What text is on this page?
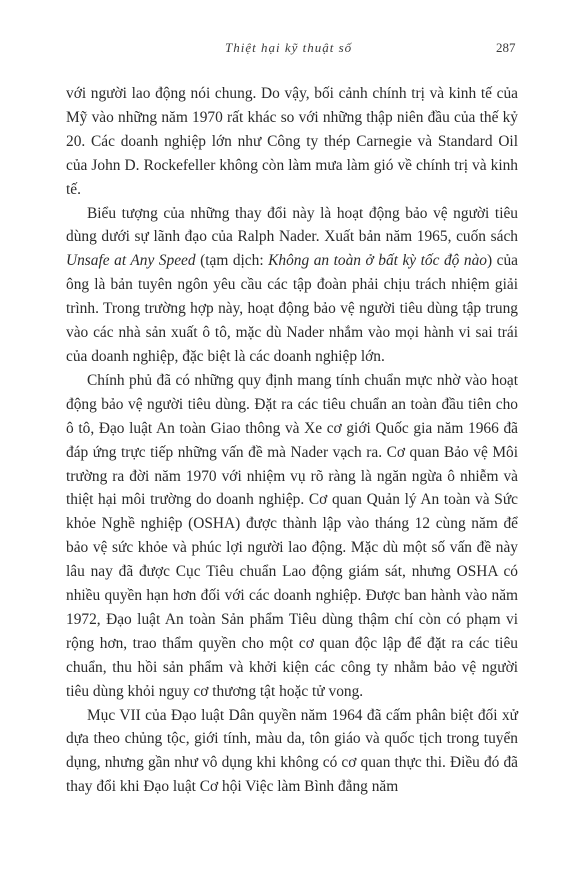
Thiệt hại kỹ thuật số	287

với người lao động nói chung. Do vậy, bối cảnh chính trị và kinh tế của Mỹ vào những năm 1970 rất khác so với những thập niên đầu của thế kỷ 20. Các doanh nghiệp lớn như Công ty thép Carnegie và Standard Oil của John D. Rockefeller không còn làm mưa làm gió về chính trị và kinh tế.

Biểu tượng của những thay đổi này là hoạt động bảo vệ người tiêu dùng dưới sự lãnh đạo của Ralph Nader. Xuất bản năm 1965, cuốn sách Unsafe at Any Speed (tạm dịch: Không an toàn ở bất kỳ tốc độ nào) của ông là bản tuyên ngôn yêu cầu các tập đoàn phải chịu trách nhiệm giải trình. Trong trường hợp này, hoạt động bảo vệ người tiêu dùng tập trung vào các nhà sản xuất ô tô, mặc dù Nader nhắm vào mọi hành vi sai trái của doanh nghiệp, đặc biệt là các doanh nghiệp lớn.

Chính phủ đã có những quy định mang tính chuẩn mực nhờ vào hoạt động bảo vệ người tiêu dùng. Đặt ra các tiêu chuẩn an toàn đầu tiên cho ô tô, Đạo luật An toàn Giao thông và Xe cơ giới Quốc gia năm 1966 đã đáp ứng trực tiếp những vấn đề mà Nader vạch ra. Cơ quan Bảo vệ Môi trường ra đời năm 1970 với nhiệm vụ rõ ràng là ngăn ngừa ô nhiễm và thiệt hại môi trường do doanh nghiệp. Cơ quan Quản lý An toàn và Sức khỏe Nghề nghiệp (OSHA) được thành lập vào tháng 12 cùng năm để bảo vệ sức khỏe và phúc lợi người lao động. Mặc dù một số vấn đề này lâu nay đã được Cục Tiêu chuẩn Lao động giám sát, nhưng OSHA có nhiều quyền hạn hơn đối với các doanh nghiệp. Được ban hành vào năm 1972, Đạo luật An toàn Sản phẩm Tiêu dùng thậm chí còn có phạm vi rộng hơn, trao thẩm quyền cho một cơ quan độc lập để đặt ra các tiêu chuẩn, thu hồi sản phẩm và khởi kiện các công ty nhằm bảo vệ người tiêu dùng khỏi nguy cơ thương tật hoặc tử vong.

Mục VII của Đạo luật Dân quyền năm 1964 đã cấm phân biệt đối xử dựa theo chủng tộc, giới tính, màu da, tôn giáo và quốc tịch trong tuyển dụng, nhưng gần như vô dụng khi không có cơ quan thực thi. Điều đó đã thay đổi khi Đạo luật Cơ hội Việc làm Bình đẳng năm
